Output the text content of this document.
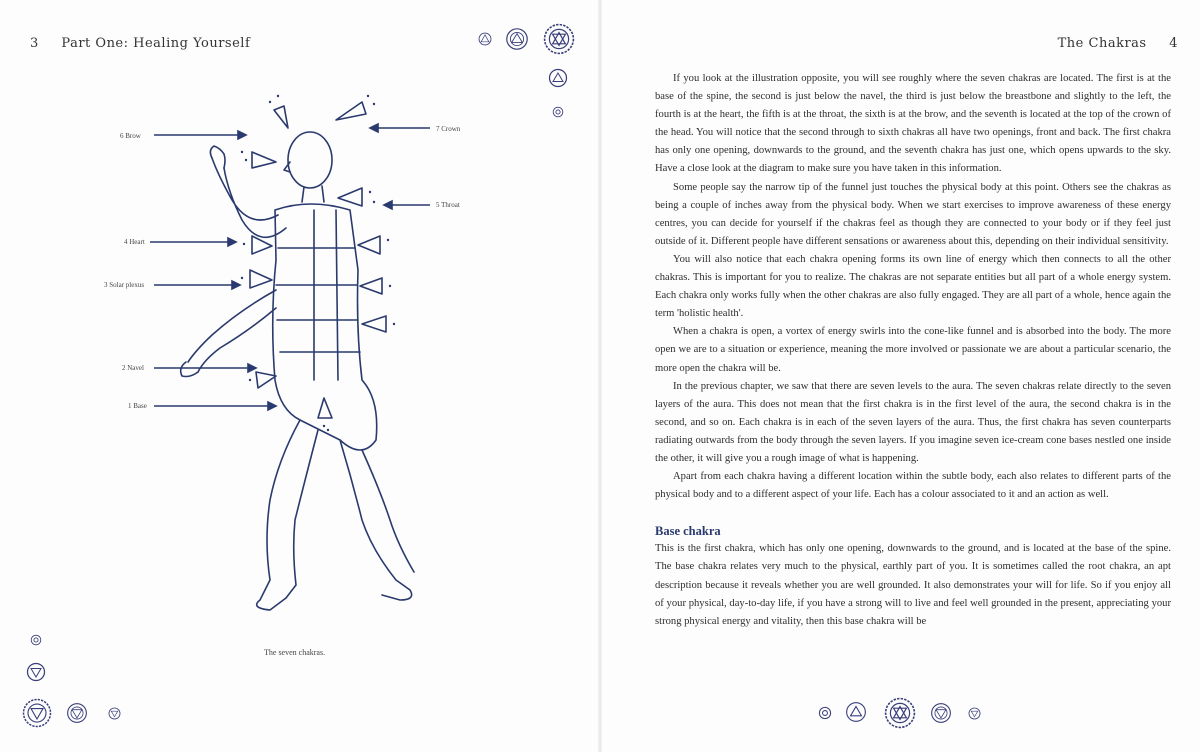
3 Part One: Healing Yourself
6 Brow
7 Crown
5 Throat
4 Heart
3 Solar plexus
2 Navel
1 Base
The seven chakras.
The Chakras 4

If you look at the illustration opposite, you will see roughly where the seven chakras are located. The first is at the base of the spine, the second is just below the navel, the third is just below the breastbone and slightly to the left, the fourth is at the heart, the fifth is at the throat, the sixth is at the brow, and the seventh is located at the top of the crown of the head. You will notice that the second through to sixth chakras all have two openings, front and back. The first chakra has only one opening, downwards to the ground, and the seventh chakra has just one, which opens upwards to the sky. Have a close look at the diagram to make sure you have taken in this information.

Some people say the narrow tip of the funnel just touches the physical body at this point. Others see the chakras as being a couple of inches away from the physical body. When we start exercises to improve awareness of these energy centres, you can decide for yourself if the chakras feel as though they are connected to your body or if they feel just outside of it. Different people have different sensations or awareness about this, depending on their individual sensitivity.

You will also notice that each chakra opening forms its own line of energy which then connects to all the other chakras. This is important for you to realize. The chakras are not separate entities but all part of a whole energy system. Each chakra only works fully when the other chakras are also fully engaged. They are all part of a whole, hence again the term 'holistic health'.

When a chakra is open, a vortex of energy swirls into the cone-like funnel and is absorbed into the body. The more open we are to a situation or experience, meaning the more involved or passionate we are about a particular scenario, the more open the chakra will be.

In the previous chapter, we saw that there are seven levels to the aura. The seven chakras relate directly to the seven layers of the aura. This does not mean that the first chakra is in the first level of the aura, the second chakra is in the second, and so on. Each chakra is in each of the seven layers of the aura. Thus, the first chakra has seven counterparts radiating outwards from the body through the seven layers. If you imagine seven ice-cream cone bases nestled one inside the other, it will give you a rough image of what is happening.

Apart from each chakra having a different location within the subtle body, each also relates to different parts of the physical body and to a different aspect of your life. Each has a colour associated to it and an action as well.

Base chakra

This is the first chakra, which has only one opening, downwards to the ground, and is located at the base of the spine. The base chakra relates very much to the physical, earthly part of you. It is sometimes called the root chakra, an apt description because it reveals whether you are well grounded. It also demonstrates your will for life. So if you enjoy all of your physical, day-to-day life, if you have a strong will to live and feel well grounded in the present, appreciating your strong physical energy and vitality, then this base chakra will be
